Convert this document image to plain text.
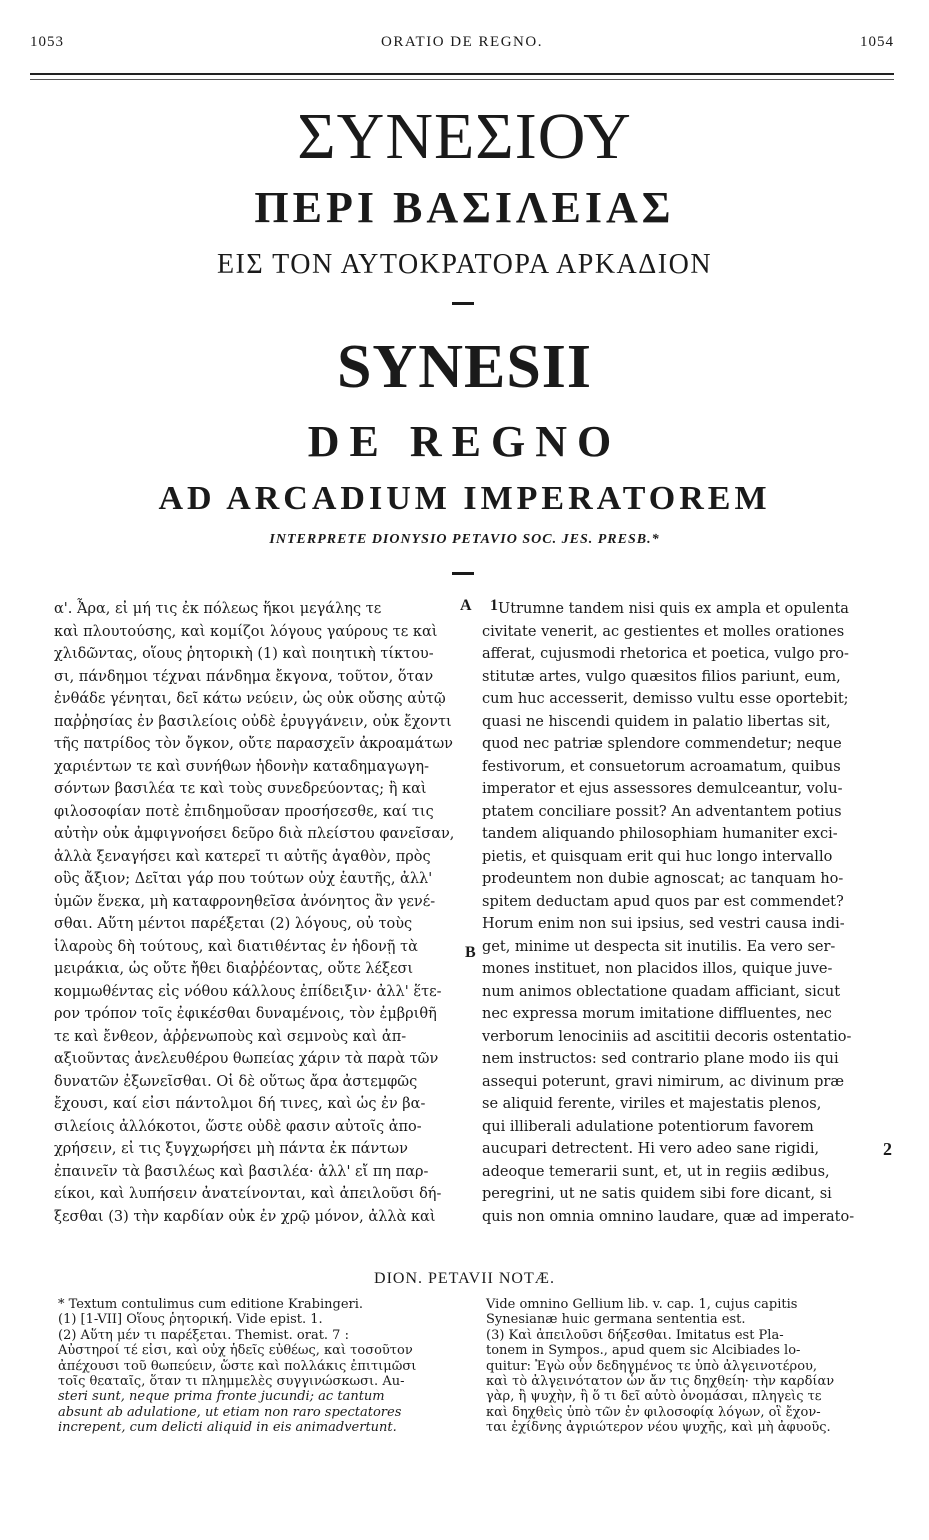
1053	ORATIO DE REGNO.	1054
ΣΥΝΕΣΙΟΥ
ΠΕΡΙ ΒΑΣΙΛΕΙΑΣ
ΕΙΣ ΤΟΝ ΑΥΤΟΚΡΑΤΟΡΑ ΑΡΚΑΔΙΟΝ
SYNESII
DE REGNO
AD ARCADIUM IMPERATOREM
INTERPRETE DIONYSIO PETAVIO SOC. JES. PRESB.*
A
B
1
2
α'. Ἆρα, εἰ μή τις ἐκ πόλεως ἥκοι μεγάλης τε
καὶ πλουτούσης, καὶ κομίζοι λόγους γαύρους τε καὶ
χλιδῶντας, οἵους ῥητορικὴ (1) καὶ ποιητικὴ τίκτου-
σι, πάνδημοι τέχναι πάνδημα ἔκγονα, τοῦτον, ὅταν
ἐνθάδε γένηται, δεῖ κάτω νεύειν, ὡς οὐκ οὔσης αὐτῷ
παῤῥησίας ἐν βασιλείοις οὐδὲ ἐρυγγάνειν, οὐκ ἔχοντι
τῆς πατρίδος τὸν ὄγκον, οὔτε παρασχεῖν ἀκροαμάτων
χαριέντων τε καὶ συνήθων ἡδονὴν καταδημαγωγη-
σόντων βασιλέα τε καὶ τοὺς συνεδρεύοντας; ἢ καὶ
φιλοσοφίαν ποτὲ ἐπιδημοῦσαν προσήσεσθε, καί τις
αὐτὴν οὐκ ἀμφιγνοήσει δεῦρο διὰ πλείστου φανεῖσαν,
ἀλλὰ ξεναγήσει καὶ κατερεῖ τι αὐτῆς ἀγαθὸν, πρὸς
οὓς ἄξιον; Δεῖται γάρ που τούτων οὐχ ἑαυτῆς, ἀλλ'
ὑμῶν ἕνεκα, μὴ καταφρονηθεῖσα ἀνόνητος ἂν γενέ-
σθαι. Αὕτη μέντοι παρέξεται (2) λόγους, οὐ τοὺς
ἱλαροὺς δὴ τούτους, καὶ διατιθέντας ἐν ἡδονῇ τὰ
μειράκια, ὡς οὔτε ἤθει διαῤῥέοντας, οὔτε λέξεσι
κομμωθέντας εἰς νόθου κάλλους ἐπίδειξιν· ἀλλ' ἕτε-
ρον τρόπον τοῖς ἐφικέσθαι δυναμένοις, τὸν ἐμβριθῆ
τε καὶ ἔνθεον, ἀῤῥενωποὺς καὶ σεμνοὺς καὶ ἀπ-
αξιοῦντας ἀνελευθέρου θωπείας χάριν τὰ παρὰ τῶν
δυνατῶν ἐξωνεῖσθαι. Οἱ δὲ οὕτως ἄρα ἀστεμφῶς
ἔχουσι, καί εἰσι πάντολμοι δή τινες, καὶ ὡς ἐν βα-
σιλείοις ἀλλόκοτοι, ὥστε οὐδὲ φασιν αὐτοῖς ἀπο-
χρήσειν, εἰ τις ξυγχωρήσει μὴ πάντα ἐκ πάντων
ἐπαινεῖν τὰ βασιλέως καὶ βασιλέα· ἀλλ' εἴ πη παρ-
είκοι, καὶ λυπήσειν ἀνατείνονται, καὶ ἀπειλοῦσι δή-
ξεσθαι (3) τὴν καρδίαν οὐκ ἐν χρῷ μόνον, ἀλλὰ καὶ
Utrumne tandem nisi quis ex ampla et opulenta
civitate venerit, ac gestientes et molles orationes
afferat, cujusmodi rhetorica et poetica, vulgo pro-
stitutæ artes, vulgo quæsitos filios pariunt, eum,
cum huc accesserit, demisso vultu esse oportebit;
quasi ne hiscendi quidem in palatio libertas sit,
quod nec patriæ splendore commendetur; neque
festivorum, et consuetorum acroamatum, quibus
imperator et ejus assessores demulceantur, volu-
ptatem conciliare possit? An adventantem potius
tandem aliquando philosophiam humaniter exci-
pietis, et quisquam erit qui huc longo intervallo
prodeuntem non dubie agnoscat; ac tanquam ho-
spitem deductam apud quos par est commendet?
Horum enim non sui ipsius, sed vestri causa indi-
get, minime ut despecta sit inutilis. Ea vero ser-
mones instituet, non placidos illos, quique juve-
num animos oblectatione quadam afficiant, sicut
nec expressa morum imitatione diffluentes, nec
verborum lenociniis ad ascititii decoris ostentatio-
nem instructos: sed contrario plane modo iis qui
assequi poterunt, gravi nimirum, ac divinum præ
se aliquid ferente, viriles et majestatis plenos,
qui illiberali adulatione potentiorum favorem
aucupari detrectent. Hi vero adeo sane rigidi,
adeoque temerarii sunt, et, ut in regiis ædibus,
peregrini, ut ne satis quidem sibi fore dicant, si
quis non omnia omnino laudare, quæ ad imperato-
DION. PETAVII NOTÆ.
* Textum contulimus cum editione Krabingeri.
(1) [1-VII] Οἵους ῥητορική. Vide epist. 1.
(2) Αὕτη μέν τι παρέξεται. Themist. orat. 7 :
Αὐστηροί τέ εἰσι, καὶ οὐχ ἡδεῖς εὐθέως, καὶ τοσοῦτον
ἀπέχουσι τοῦ θωπεύειν, ὥστε καὶ πολλάκις ἐπιτιμῶσι
τοῖς θεαταῖς, ὅταν τι πλημμελὲς συγγινώσκωσι. Au-
steri sunt, neque prima fronte jucundi; ac tantum
absunt ab adulatione, ut etiam non raro spectatores
increpent, cum delicti aliquid in eis animadvertunt.
Vide omnino Gellium lib. v. cap. 1, cujus capitis
Synesianæ huic germana sententia est.
(3) Καὶ ἀπειλοῦσι δήξεσθαι. Imitatus est Pla-
tonem in Sympos., apud quem sic Alcibiades lo-
quitur: Ἐγὼ οὖν δεδηγμένος τε ὑπὸ ἀλγεινοτέρου,
καὶ τὸ ἀλγεινότατον ὧν ἄν τις δηχθείη· τὴν καρδίαν
γὰρ, ἢ ψυχὴν, ἢ ὅ τι δεῖ αὐτὸ ὀνομάσαι, πληγεὶς τε
καὶ δηχθεὶς ὑπὸ τῶν ἐν φιλοσοφίᾳ λόγων, οἳ ἔχον-
ται ἐχίδνης ἀγριώτερον νέου ψυχῆς, καὶ μὴ ἀφυοῦς.
